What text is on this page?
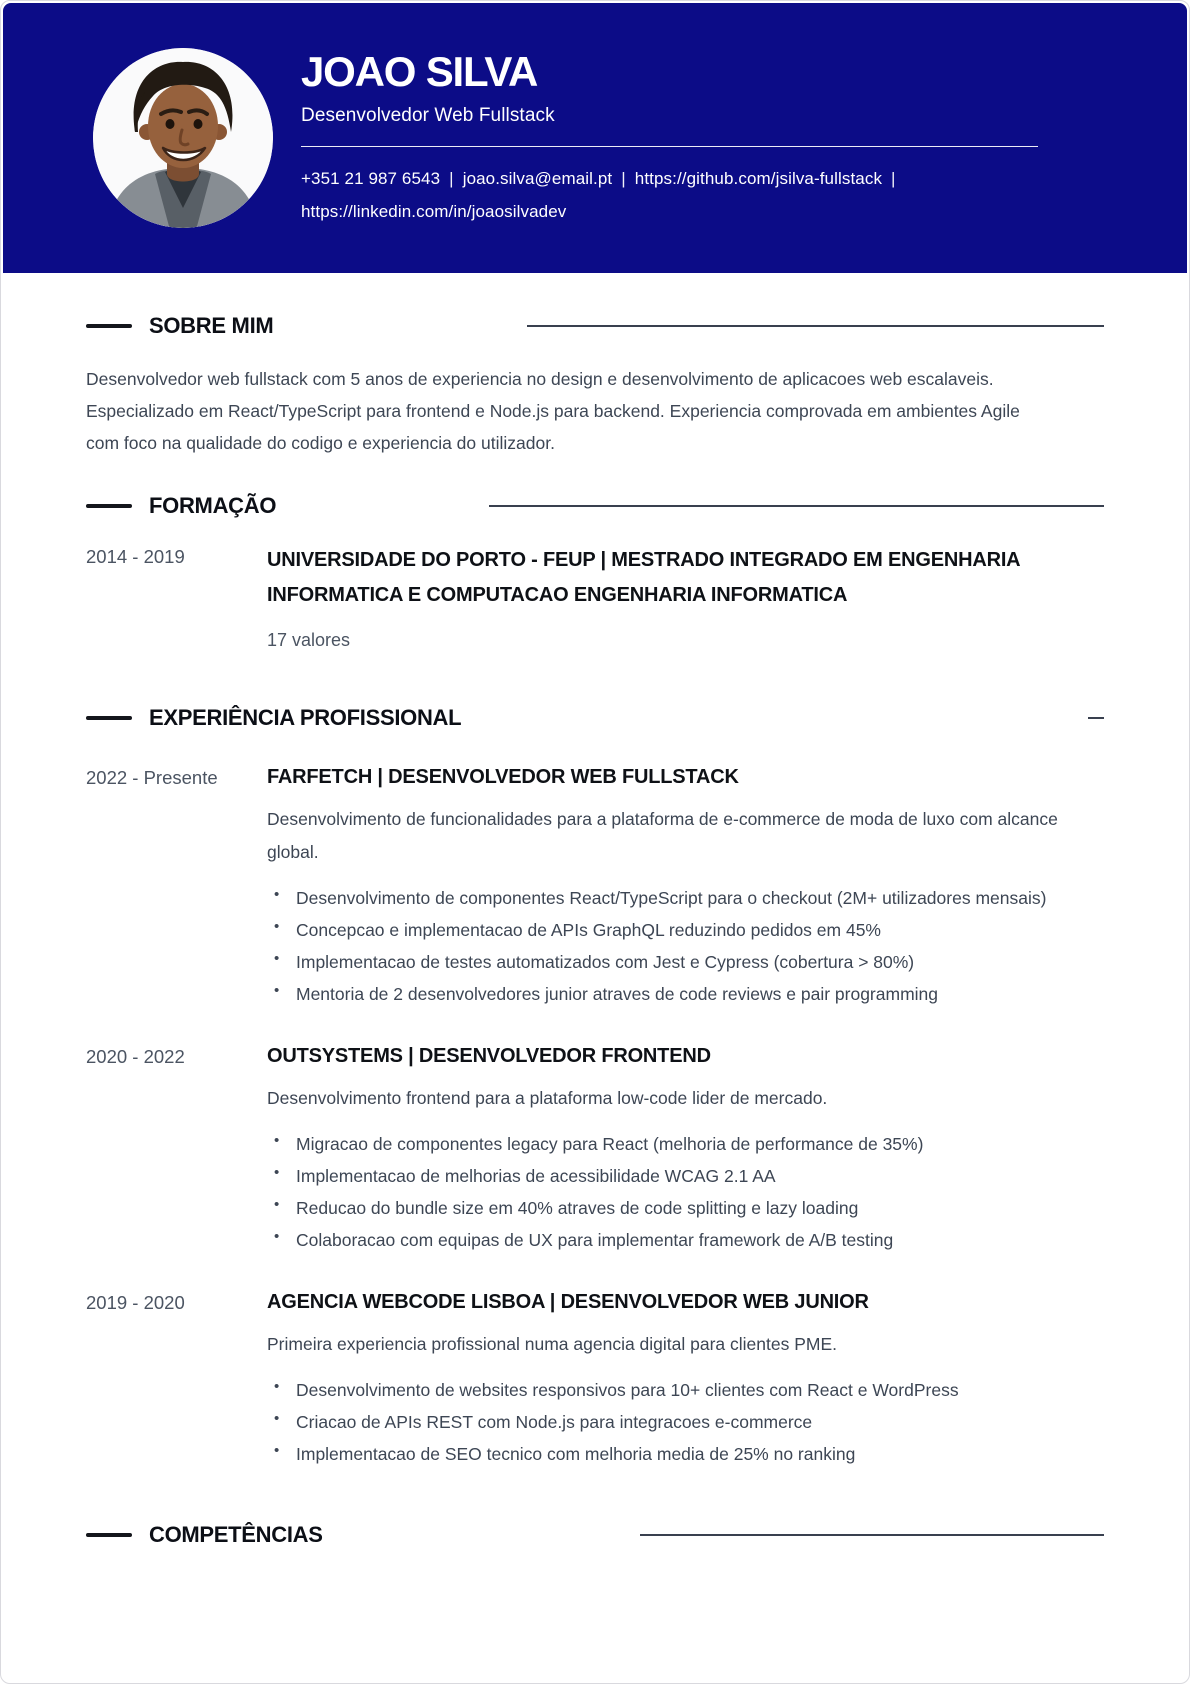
JOAO SILVA
Desenvolvedor Web Fullstack
+351 21 987 6543 | joao.silva@email.pt | https://github.com/jsilva-fullstack |
https://linkedin.com/in/joaosilvadev
SOBRE MIM

Desenvolvedor web fullstack com 5 anos de experiencia no design e desenvolvimento de aplicacoes web escalaveis. Especializado em React/TypeScript para frontend e Node.js para backend. Experiencia comprovada em ambientes Agile com foco na qualidade do codigo e experiencia do utilizador.

FORMAÇÃO
2014 - 2019	UNIVERSIDADE DO PORTO - FEUP | MESTRADO INTEGRADO EM ENGENHARIA INFORMATICA E COMPUTACAO ENGENHARIA INFORMATICA
17 valores
EXPERIÊNCIA PROFISSIONAL
2022 - Presente	FARFETCH | DESENVOLVEDOR WEB FULLSTACK
Desenvolvimento de funcionalidades para a plataforma de e-commerce de moda de luxo com alcance global.
• Desenvolvimento de componentes React/TypeScript para o checkout (2M+ utilizadores mensais)
• Concepcao e implementacao de APIs GraphQL reduzindo pedidos em 45%
• Implementacao de testes automatizados com Jest e Cypress (cobertura > 80%)
• Mentoria de 2 desenvolvedores junior atraves de code reviews e pair programming
2020 - 2022	OUTSYSTEMS | DESENVOLVEDOR FRONTEND
Desenvolvimento frontend para a plataforma low-code lider de mercado.
• Migracao de componentes legacy para React (melhoria de performance de 35%)
• Implementacao de melhorias de acessibilidade WCAG 2.1 AA
• Reducao do bundle size em 40% atraves de code splitting e lazy loading
• Colaboracao com equipas de UX para implementar framework de A/B testing
2019 - 2020	AGENCIA WEBCODE LISBOA | DESENVOLVEDOR WEB JUNIOR
Primeira experiencia profissional numa agencia digital para clientes PME.
• Desenvolvimento de websites responsivos para 10+ clientes com React e WordPress
• Criacao de APIs REST com Node.js para integracoes e-commerce
• Implementacao de SEO tecnico com melhoria media de 25% no ranking
COMPETÊNCIAS
